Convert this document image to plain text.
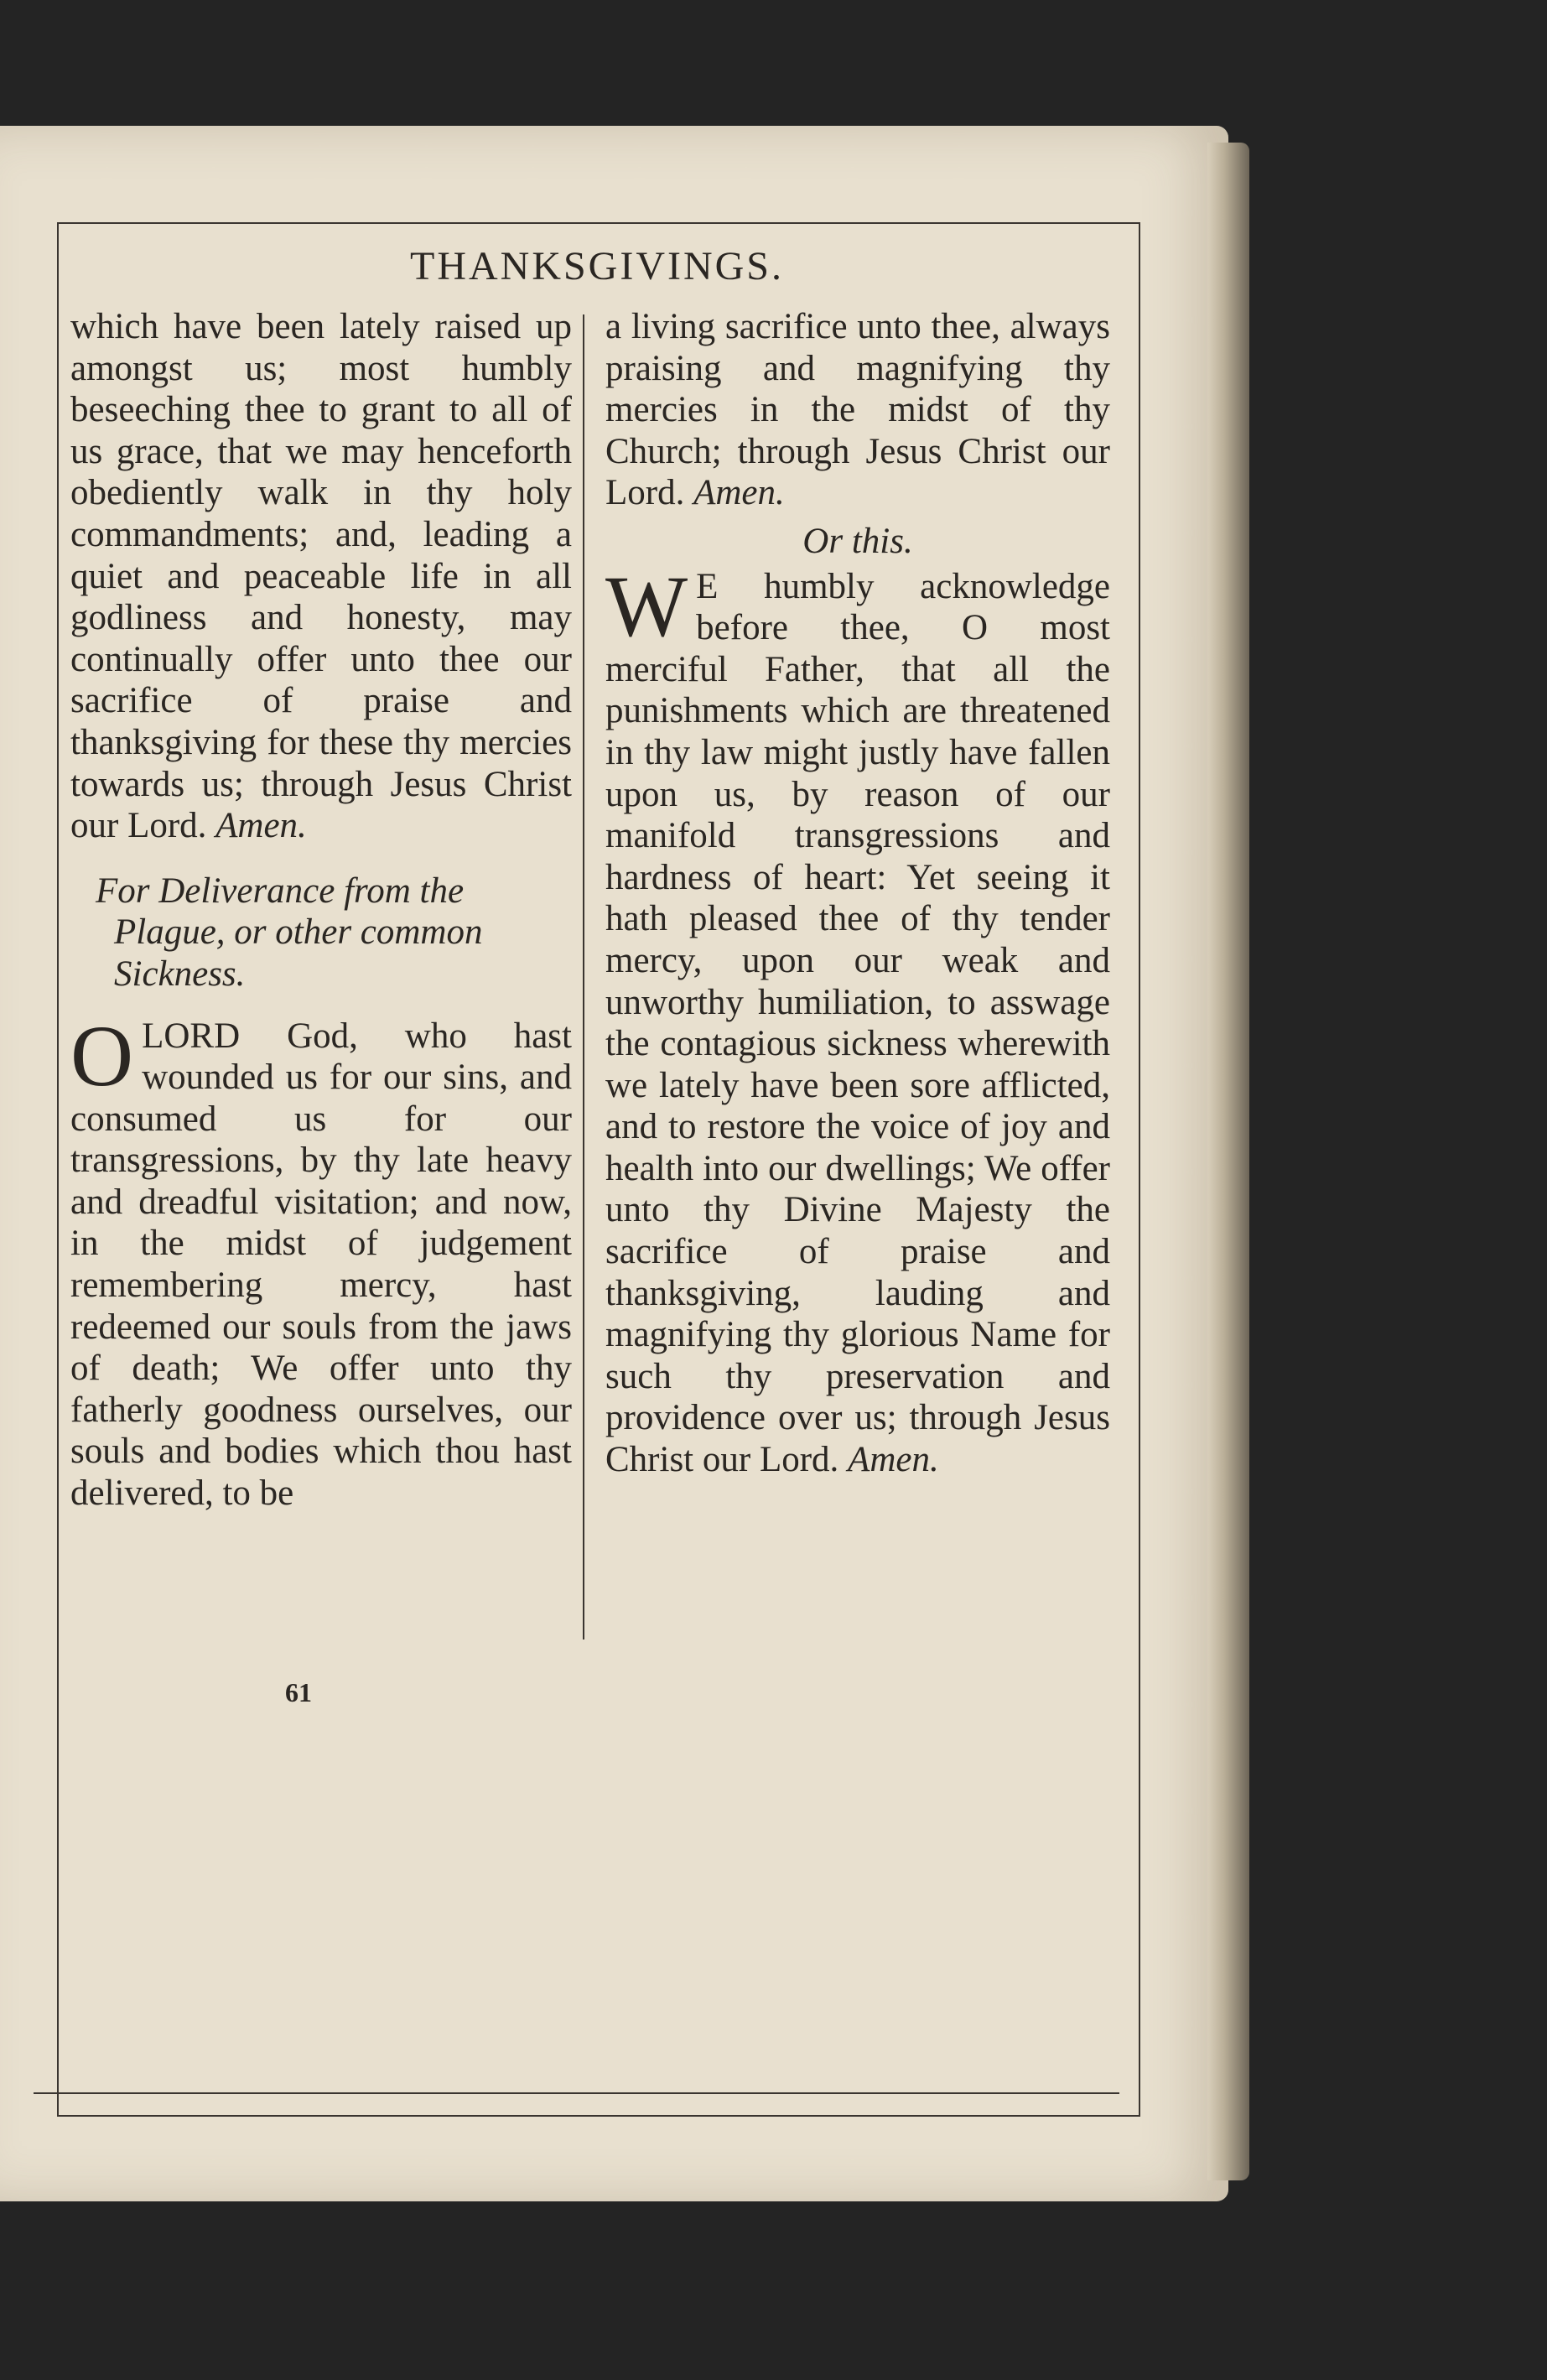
THANKSGIVINGS.

which have been lately raised up amongst us; most humbly beseeching thee to grant to all of us grace, that we may henceforth obediently walk in thy holy commandments; and, leading a quiet and peaceable life in all godliness and honesty, may continually offer unto thee our sacrifice of praise and thanksgiving for these thy mercies towards us; through Jesus Christ our Lord. Amen.

For Deliverance from the Plague, or other common Sickness.

OLORD God, who hast wounded us for our sins, and consumed us for our transgressions, by thy late heavy and dreadful visitation; and now, in the midst of judgement remembering mercy, hast redeemed our souls from the jaws of death; We offer unto thy fatherly goodness ourselves, our souls and bodies which thou hast delivered, to be

a living sacrifice unto thee, always praising and magnifying thy mercies in the midst of thy Church; through Jesus Christ our Lord. Amen.

Or this.

W E humbly acknowledge before thee, O most merciful Father, that all the punishments which are threatened in thy law might justly have fallen upon us, by reason of our manifold transgressions and hardness of heart: Yet seeing it hath pleased thee of thy tender mercy, upon our weak and unworthy humiliation, to asswage the contagious sickness wherewith we lately have been sore afflicted, and to restore the voice of joy and health into our dwellings; We offer unto thy Divine Majesty the sacrifice of praise and thanksgiving, lauding and magnifying thy glorious Name for such thy preservation and providence over us; through Jesus Christ our Lord. Amen.

61
